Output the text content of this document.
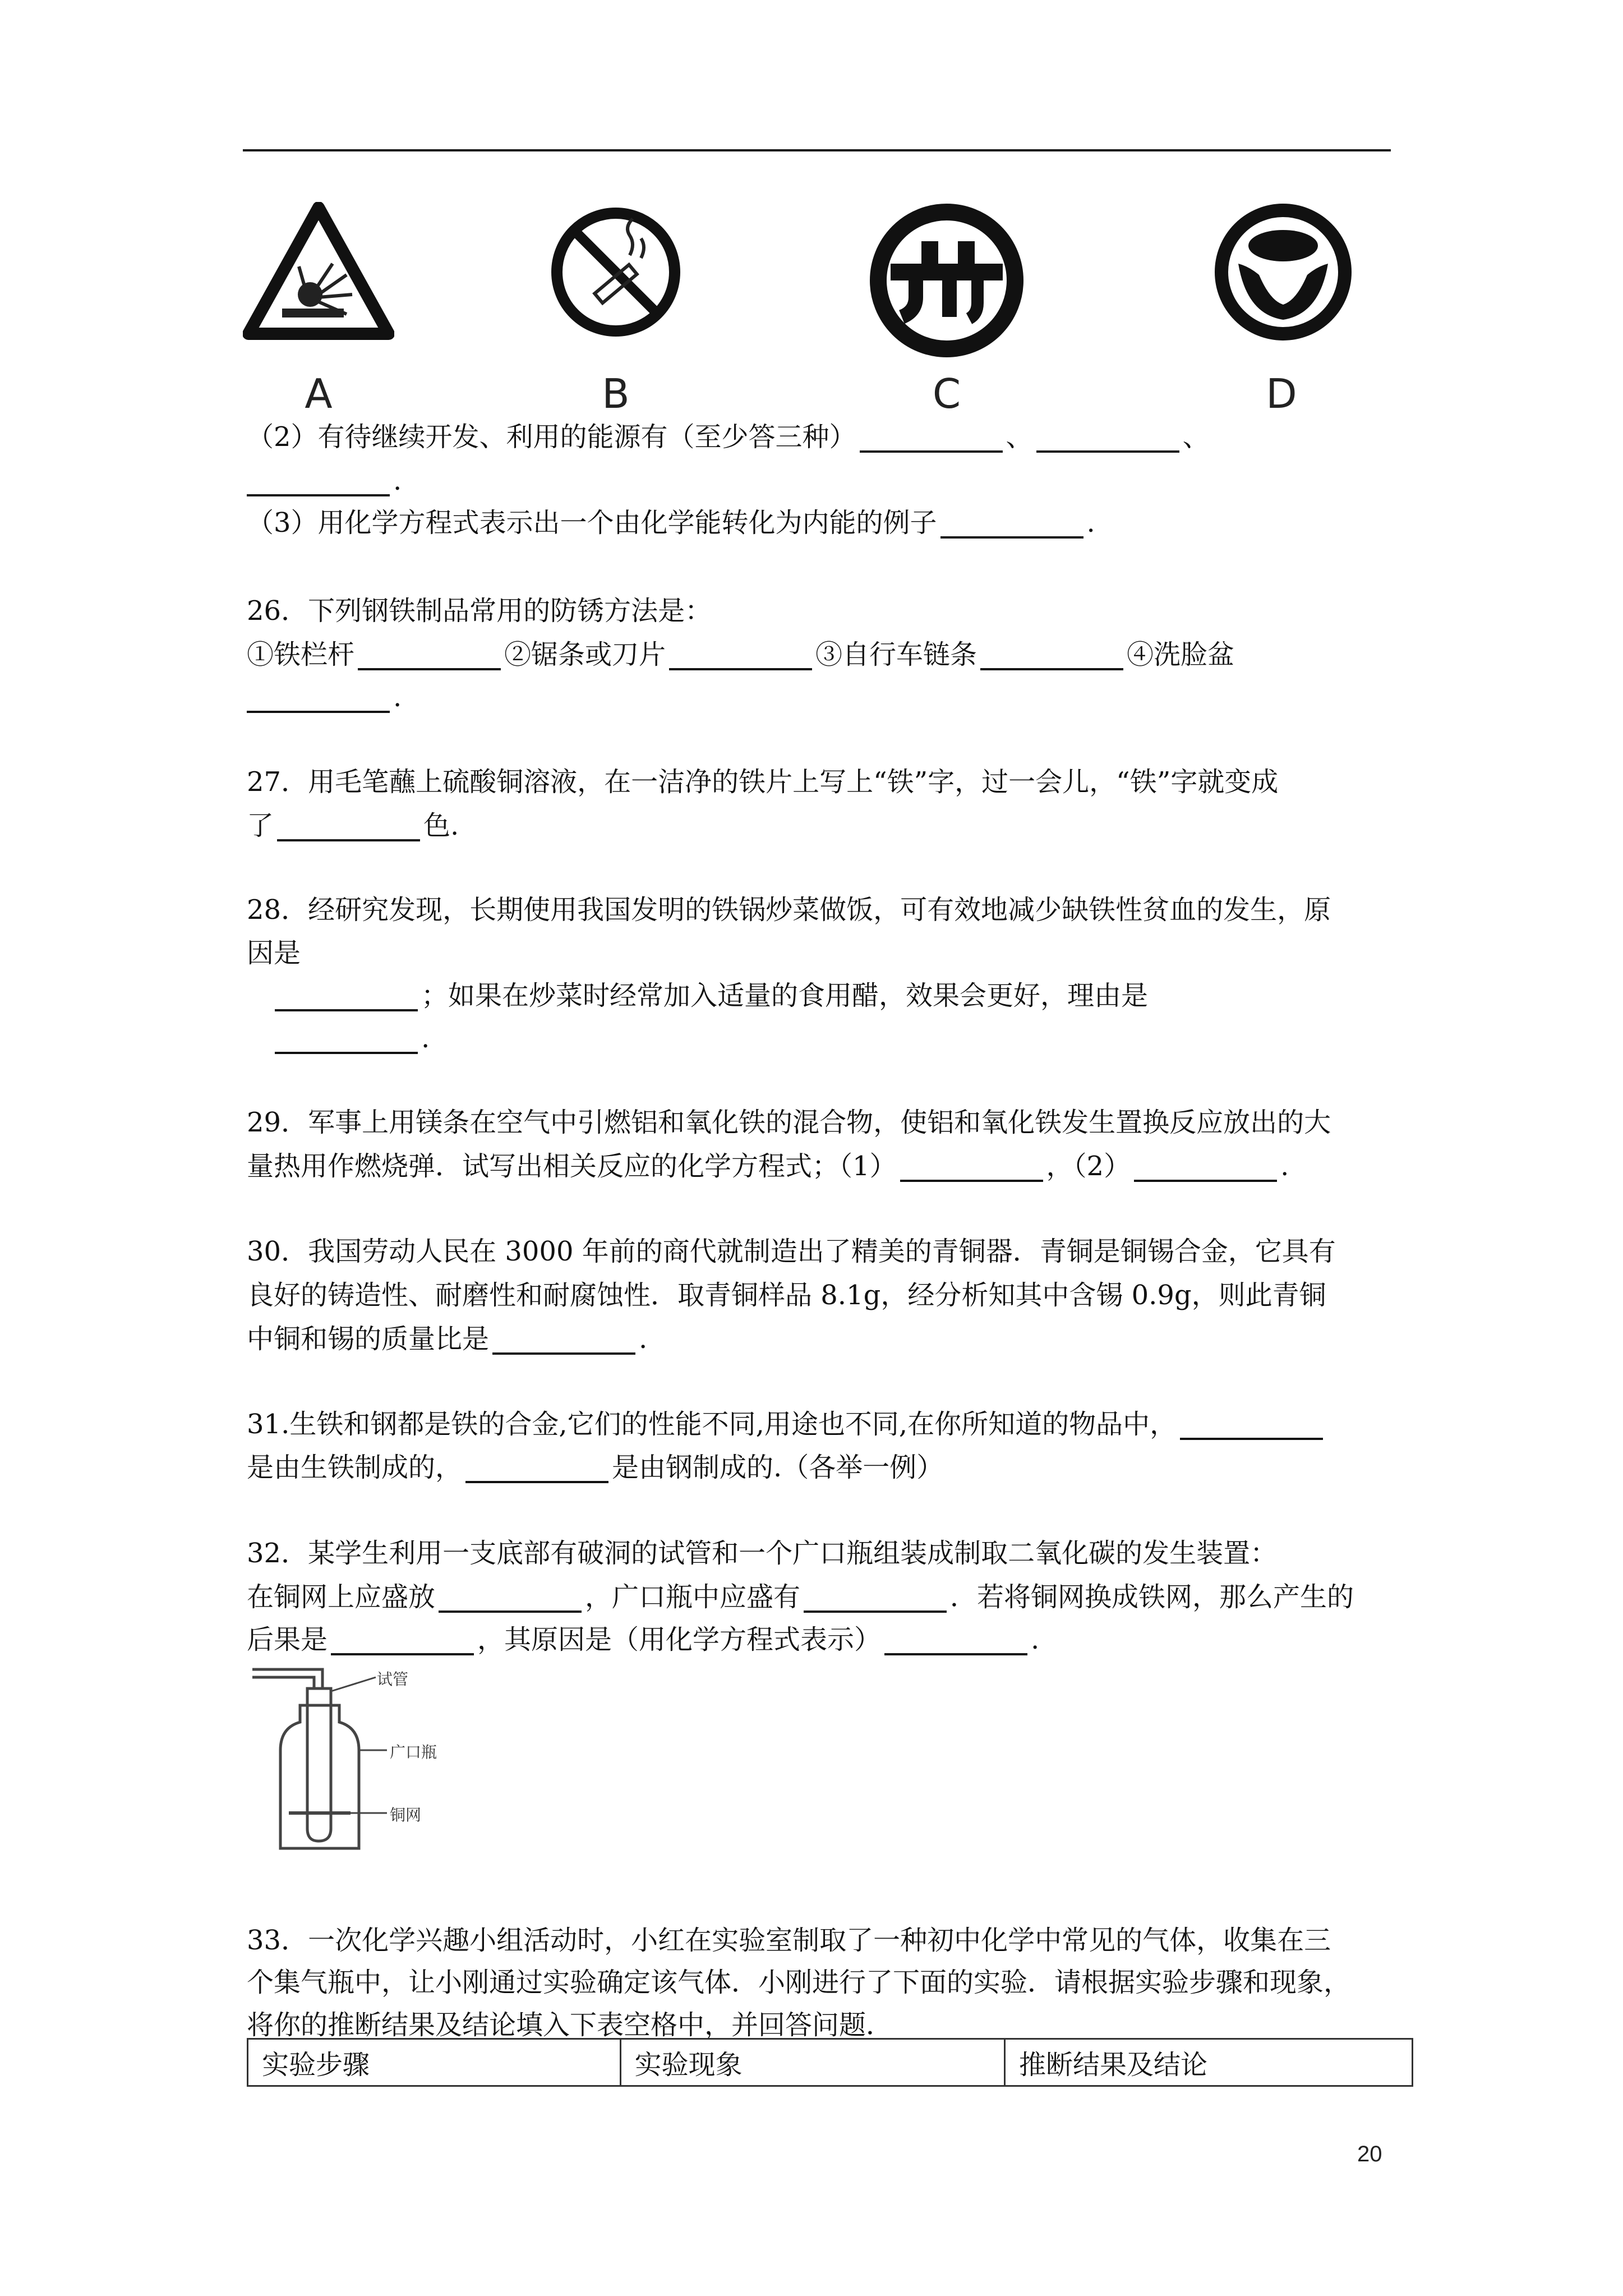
A	B	C	D
（2）有待继续开发、利用的能源有（至少答三种）	、	、
.
（3）用化学方程式表示出一个由化学能转化为内能的例子	.
26．下列钢铁制品常用的防锈方法是：
①铁栏杆	②锯条或刀片	③自行车链条	④洗脸盆
.
27．用毛笔蘸上硫酸铜溶液，在一洁净的铁片上写上“铁”字，过一会儿，“铁”字就变成
了	色.
28．经研究发现，长期使用我国发明的铁锅炒菜做饭，可有效地减少缺铁性贫血的发生，原
因是
；如果在炒菜时经常加入适量的食用醋，效果会更好，理由是
.
29．军事上用镁条在空气中引燃铝和氧化铁的混合物，使铝和氧化铁发生置换反应放出的大
量热用作燃烧弹．试写出相关反应的化学方程式；（1）	，（2）	.
30．我国劳动人民在 3000 年前的商代就制造出了精美的青铜器．青铜是铜锡合金，它具有
良好的铸造性、耐磨性和耐腐蚀性．取青铜样品 8.1g，经分析知其中含锡 0.9g，则此青铜
中铜和锡的质量比是	.
31.生铁和钢都是铁的合金,它们的性能不同,用途也不同,在你所知道的物品中，
是由生铁制成的，	是由钢制成的.（各举一例）
32．某学生利用一支底部有破洞的试管和一个广口瓶组装成制取二氧化碳的发生装置：
在铜网上应盛放	，广口瓶中应盛有	．若将铜网换成铁网，那么产生的
后果是	，其原因是（用化学方程式表示）	.
试管
广口瓶
铜网
33．一次化学兴趣小组活动时，小红在实验室制取了一种初中化学中常见的气体，收集在三
个集气瓶中，让小刚通过实验确定该气体．小刚进行了下面的实验．请根据实验步骤和现象，
将你的推断结果及结论填入下表空格中，并回答问题．
实验步骤	实验现象	推断结果及结论
20
